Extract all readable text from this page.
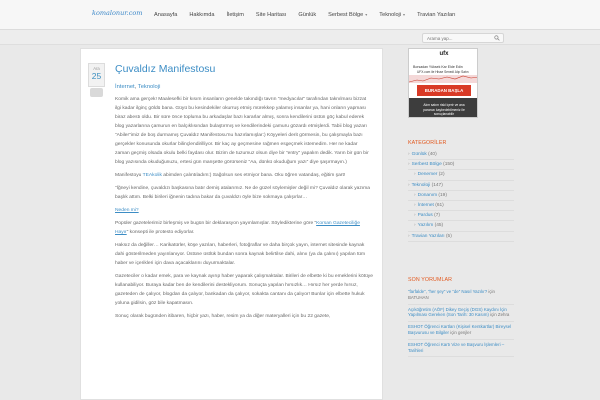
komalonur.com	Anasayfa	Hakkımda	İletişim	Site Haritası	Günlük	Serbest Bölge ▾	Teknoloji ▾	Travian Yazıları
Arama yap...
Ara
25
Çuvaldız Manifestosu
İnternet, Teknoloji

Komik ama gerçek! Maalesefki bir kısım insanların genelde takındığı tavrın “medyacılar” tarafından taknılması bizzat ilgi kadar ilginç göldü bana. Güyü bu kesindekiler okurruş etmiş mürekkep yalamış insanlar ya, hani onların yapması biraz abestı oldu. Bir süre önce topluma bu arkadaşlar bazı kararlar almış, sonra kendilerini üstün göç kabul ederek blog yazarlarına çamurun en balçıklısından bulaştırmış ve kendilerindeki çamuru gözardı etmişlerdi. Tabii blog yazarı “Abiler”imiz de boş durmamış Çuvaldız Manifestosu’nu hazırlamışlar:) Köyyeleri derit görmesin, bu çalışmayla bazı gerçekler konusunda okurlar bilinçlendirilliyor. Bir kaç ay geçmesine rağmen esgeçmek istemedim. Her ne kadar zaman geçmiş olsada okulu belki faydası olur. Bizim de tuzumuz olsun diye bir “entry” yapalım dedik. Yarın bir gün bir blog yazısında okuduğunuzu, ertesi gün manşette görürseniz “Aa, dünkü okuduğum yazı” diye şaşırmayın.)

Manifestoyu TEAkolik abimden çalıntıladım:) Sağolsun ses etmiyor bana. Oku öğren vatandaş, eğitim şart!

“İğneyi kendine, çuvaldızı başkasına batır demiş atalarımız. Ne de güzel söylemişler değil mi? Çuvaldız olarak yazıma başlık attım. Belki birileri iğnenin tadına bakar da çuvaldızı öyle bize sokmaya çalışırlar…

Neden mi?

Popüler gazetelerimiz birleşmiş ve bugün bir deklarasyon yayınlamışlar. Söyledikterine göre “Korsan Gazeteciliğe Hayır” konsepti ile protesto ediyorlar.

Haksız da değiller… Karikatürler, köşe yazıları, haberleri, fotoğraflar ve daha birçok yayın, internet sitesinde kaynak dahi gösterilmeden yayınlanıyor. Üstüne üstlük bundan sonra kaynak belirtilse dahi, alınıı (ya da çalınıı) yapılan tüm haber ve içerikleri için dava açacaklarını duyurmaktalar.

Gazeteciler o kadar emek, para ve kaynak ayırıp haber yaparak çalışmaktalar. Birileri de elbette ki bu emeklerini kötüye kullanabiliyor. Buraya kadar ben de kendilerini destekliyorum. Sonuçta yapılan hırsızlık… Hırsız her yerde hırsız, gazeteden de çalıyor, blogdan da çalıyor, bankadan da çalıyor, sokakta cantanı da çalıyor! Bunlar için elbette hukuk yoluna gidilsin, göz bile kapatmasın.

Sonuç olarak bugünden itibaren, hiçbir yazı, haber, resim ya da diğer materyalleri için bu 22 gazete,

ufx
Borsadan Yüksek Kar Elde Edin
UFX.com ile Hisse Senedi Alıp Satın
BURADAN BAŞLA
Alım satım riski içerir ve ana paranızı kaybedebilmeniz ile sonuçlanabilir
KATEGORİLER
› Günlük (40)
› Serbest Bölge (150)
› Denemer (2)
› Teknoloji (147)
› Donanım (19)
› İnternet (61)
› Pardus (7)
› Yazılım (45)
› Travian Yazıları (5)
SON YORUMLAR
“farfalde”, “her şey” ve “de” Nasıl Yazılır? için BATUHAN
Açıköğretim (AÖF) Dikey Geçiş (DGS) Kaydını İçin Yapılması Gereken (Son Tarih: 30 Kasım) için Zehra
ESHOT Öğrenci Kartları (Kişisel Kentkartlar) Bireysel Başvurusu ve Bilgiler için genjler
ESHOT Öğrenci Kartı Vize ve Başvuru İşlemleri – Tarihleri
